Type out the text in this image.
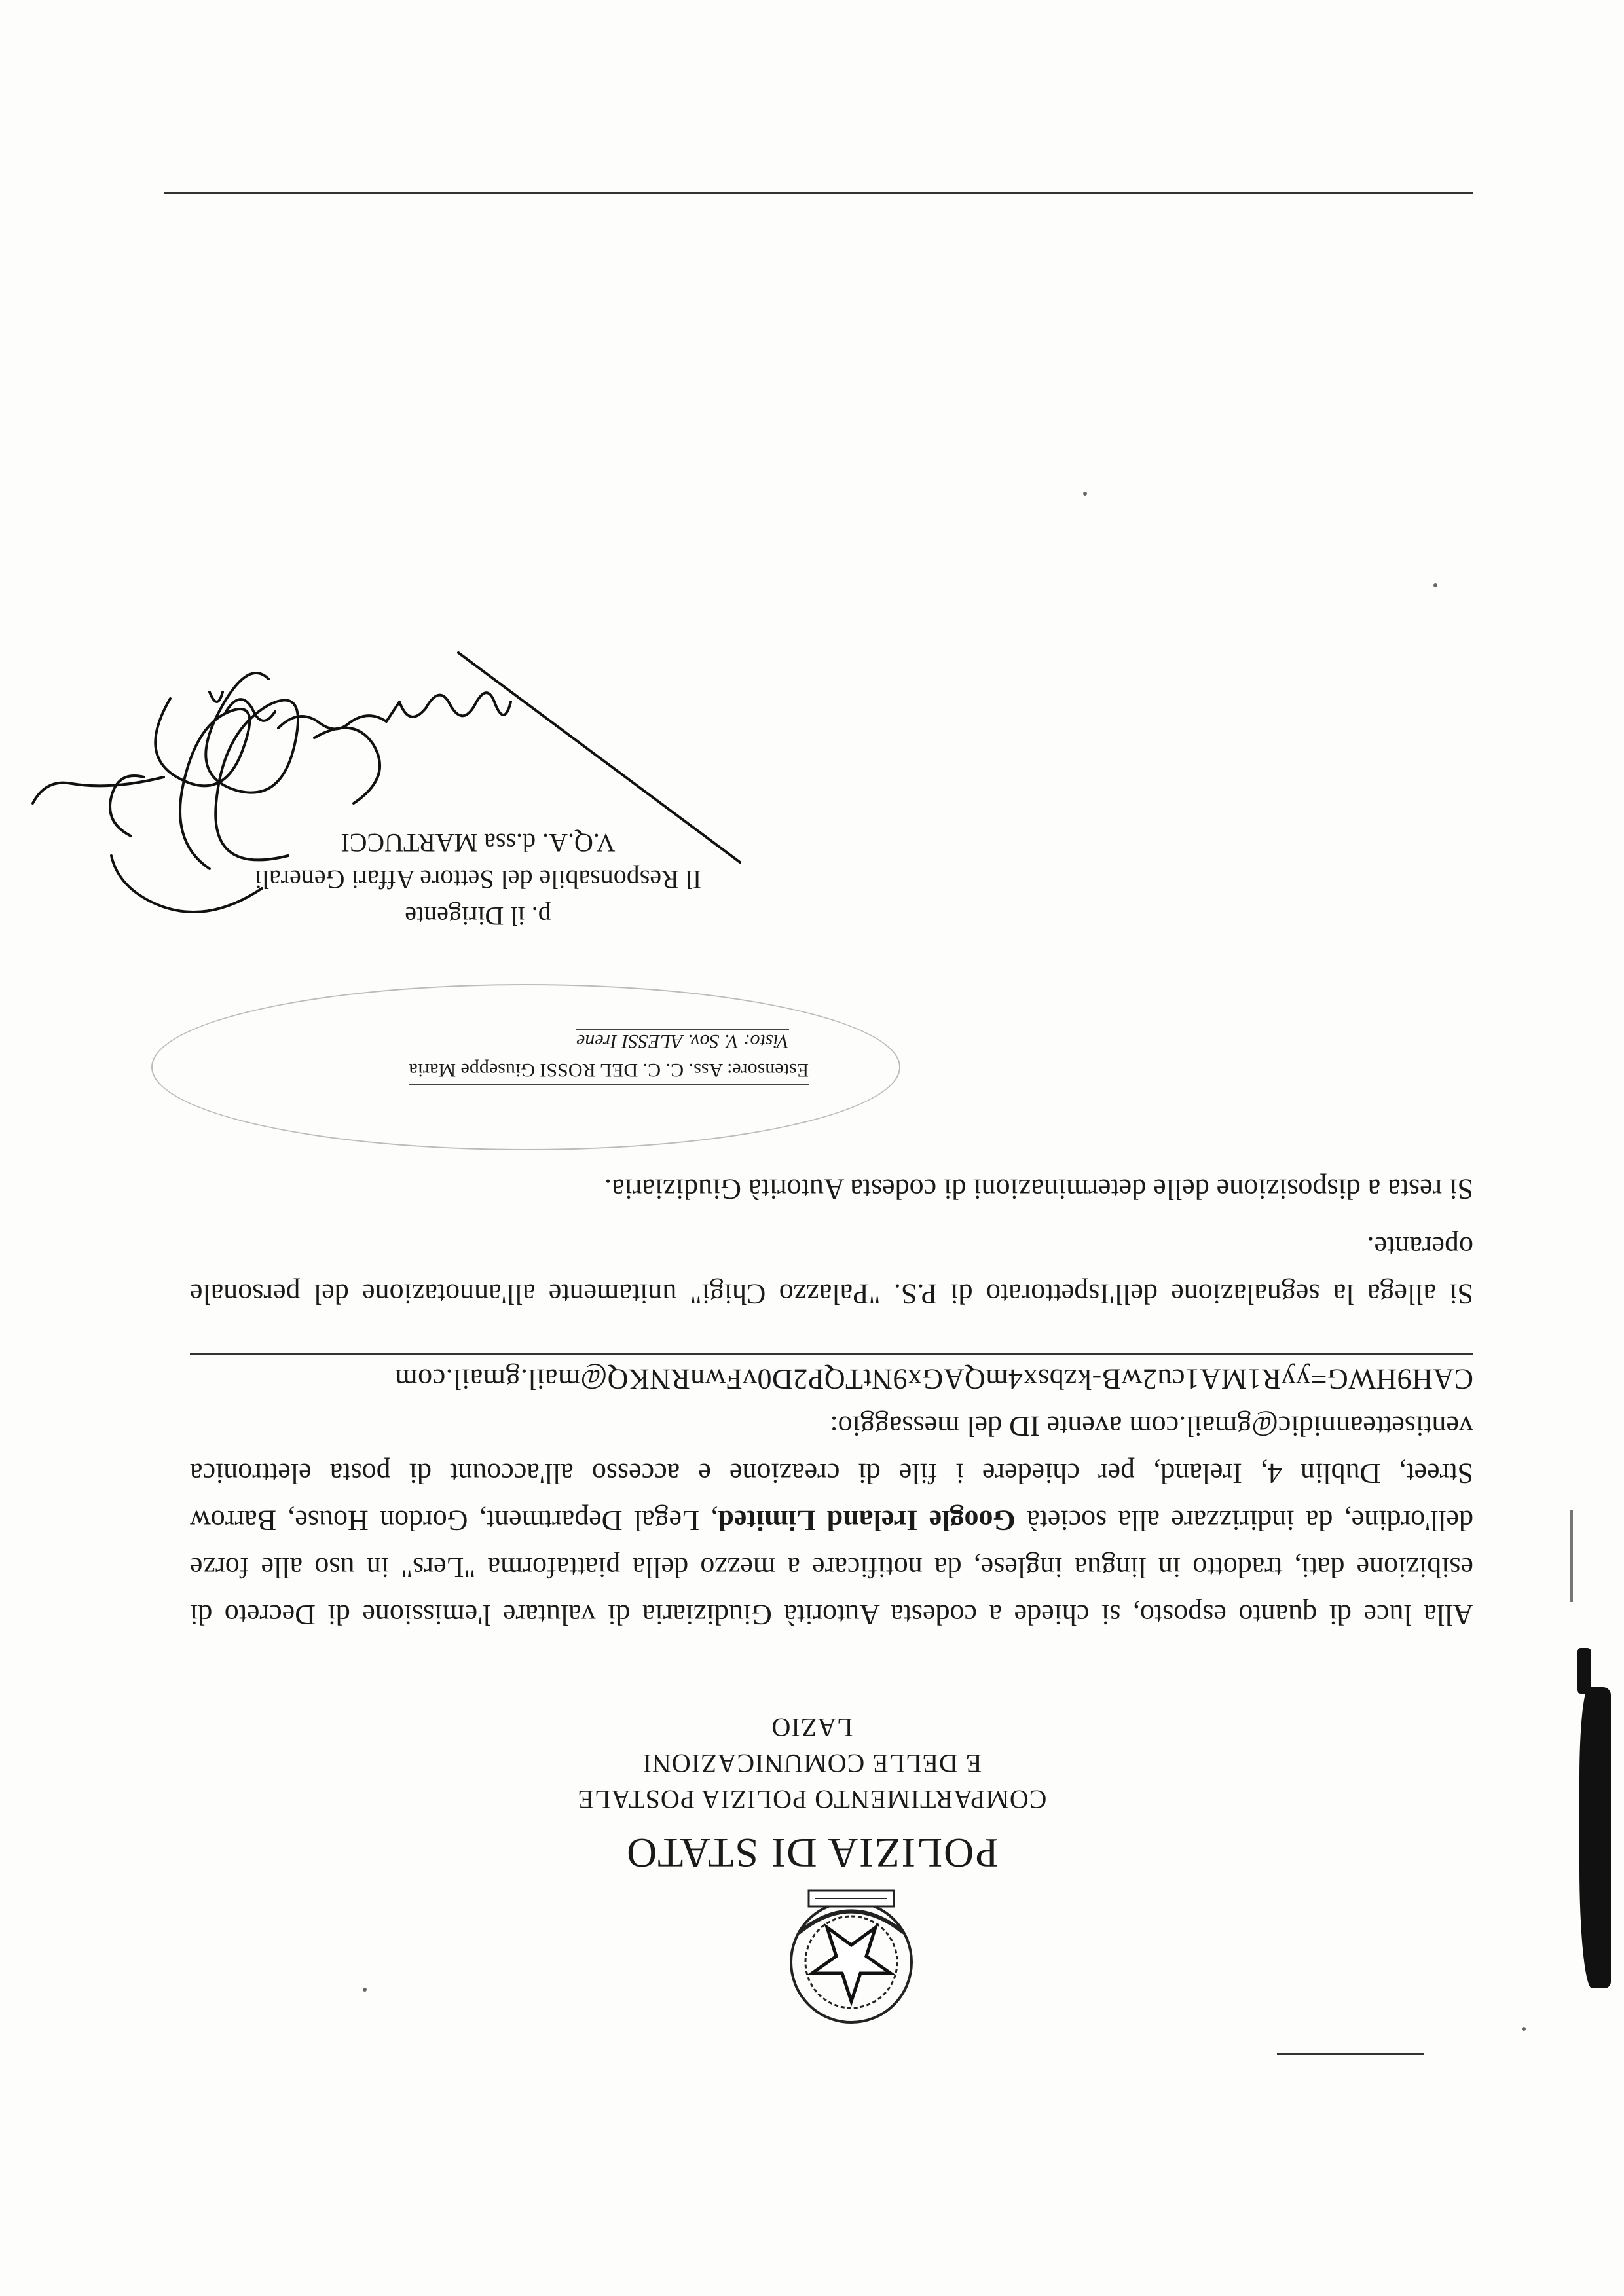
POLIZIA DI STATO
COMPARTIMENTO POLIZIA POSTALE
E DELLE COMUNICAZIONI
LAZIO

Alla luce di quanto esposto, si chiede a codesta Autorità Giudiziaria di valutare l'emissione di Decreto di esibizione dati, tradotto in lingua inglese, da notificare a mezzo della piattaforma "Lers" in uso alle forze dell'ordine, da indirizzare alla società Google Ireland Limited, Legal Department, Gordon House, Barrow Street, Dublin 4, Ireland, per chiedere i file di creazione e accesso all'account di posta elettronica ventisetteannidic@gmail.com avente ID del messaggio:

CAH9HWG=yyR1MA1cu2wB-kzbsx4mQAGx9NtTQP2D0vFwnRNKQ@mail.gmail.com

Si allega la segnalazione dell'Ispettorato di P.S. "Palazzo Chigi" unitamente all'annotazione del personale operante.

Si resta a disposizione delle determinazioni di codesta Autorità Giudiziaria.

Estensore: Ass. C. C. DEL ROSSI Giuseppe Maria
Visto: V. Sov. ALESSI Irene
p. il Dirigente
Il Responsabile del Settore Affari Generali
V.Q.A. d.ssa MARTUCCI
